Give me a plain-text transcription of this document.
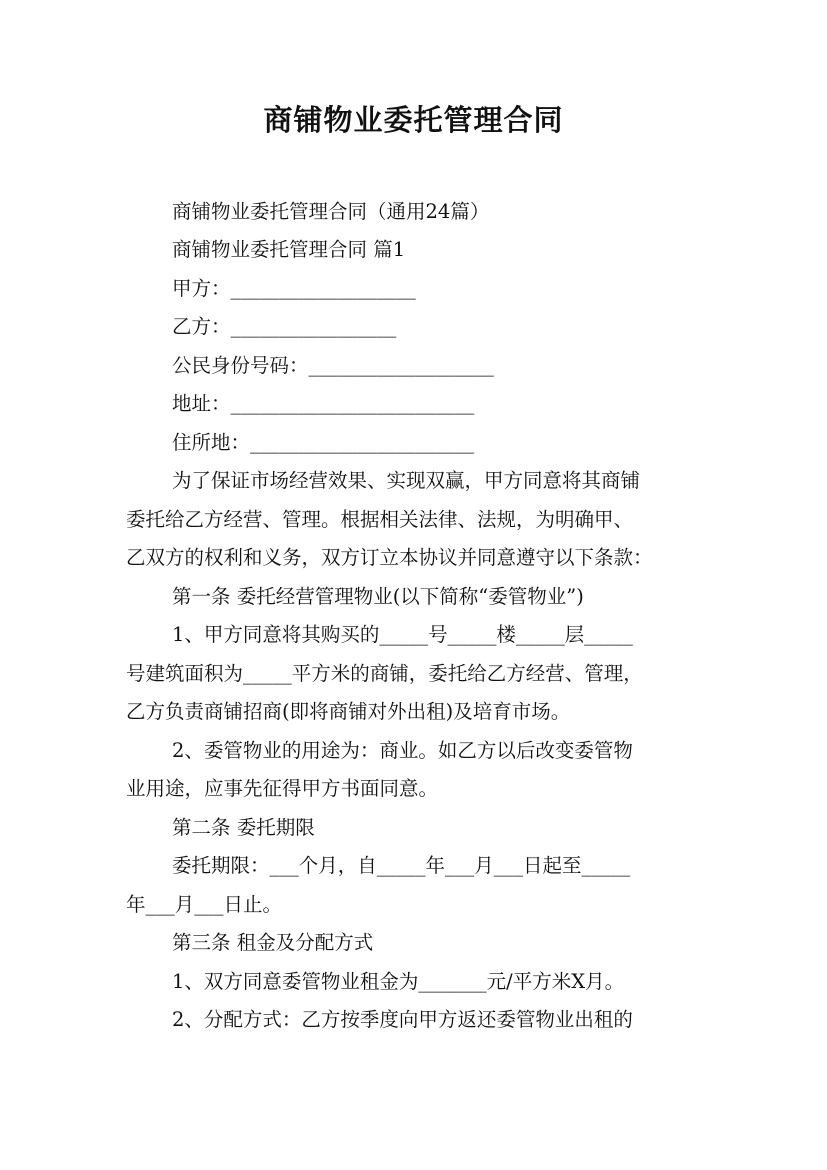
商铺物业委托管理合同
商铺物业委托管理合同（通用24篇）
商铺物业委托管理合同 篇1
甲方：___________________
乙方：_________________
公民身份号码：___________________
地址：_________________________
住所地：_______________________
为了保证市场经营效果、实现双赢，甲方同意将其商铺
委托给乙方经营、管理。根据相关法律、法规，为明确甲、
乙双方的权利和义务，双方订立本协议并同意遵守以下条款：
第一条 委托经营管理物业(以下简称“委管物业”)
1、甲方同意将其购买的_____号_____楼_____层_____
号建筑面积为_____平方米的商铺，委托给乙方经营、管理，
乙方负责商铺招商(即将商铺对外出租)及培育市场。
2、委管物业的用途为：商业。如乙方以后改变委管物
业用途，应事先征得甲方书面同意。
第二条 委托期限
委托期限：___个月，自_____年___月___日起至_____
年___月___日止。
第三条 租金及分配方式
1、双方同意委管物业租金为_______元/平方米X月。
2、分配方式：乙方按季度向甲方返还委管物业出租的
